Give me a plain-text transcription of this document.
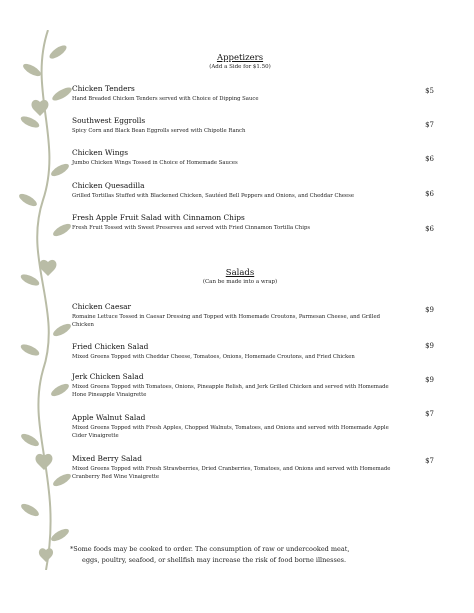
Appetizers
(Add a Side for $1.50)
Chicken Tenders
Hand Breaded Chicken Tenders served with Choice of Dipping Sauce
$5
Southwest Eggrolls
Spicy Corn and Black Bean Eggrolls served with Chipotle Ranch
$7
Chicken Wings
Jumbo Chicken Wings Tossed in Choice of Homemade Sauces	$6
Chicken Quesadilla
Grilled Tortillas Stuffed with Blackened Chicken, Sautéed Bell Peppers and Onions, and Cheddar Cheese	$6
Fresh Apple Fruit Salad with Cinnamon Chips
Fresh Fruit Tossed with Sweet Preserves and served with Fried Cinnamon Tortilla Chips	$6
Salads
(Can be made into a wrap)
Chicken Caesar
Romaine Lettuce Tossed in Caesar Dressing and Topped with Homemade Croutons, Parmesan Cheese, and Grilled Chicken
$9
Fried Chicken Salad
Mixed Greens Topped with Cheddar Cheese, Tomatoes, Onions, Homemade Croutons, and Fried Chicken
$9
Jerk Chicken Salad
Mixed Greens Topped with Tomatoes, Onions, Pineapple Relish, and Jerk Grilled Chicken and served with Homemade Hone Pineapple Vinaigrette
$9
Apple Walnut Salad
Mixed Greens Topped with Fresh Apples, Chopped Walnuts, Tomatoes, and Onions and served with Homemade Apple Cider Vinaigrette
$7
Mixed Berry Salad
Mixed Greens Topped with Fresh Strawberries, Dried Cranberries, Tomatoes, and Onions and served with Homemade Cranberry Red Wine Vinaigrette
$7
*Some foods may be cooked to order. The consumption of raw or undercooked meat,
eggs, poultry, seafood, or shellfish may increase the risk of food borne illnesses.
